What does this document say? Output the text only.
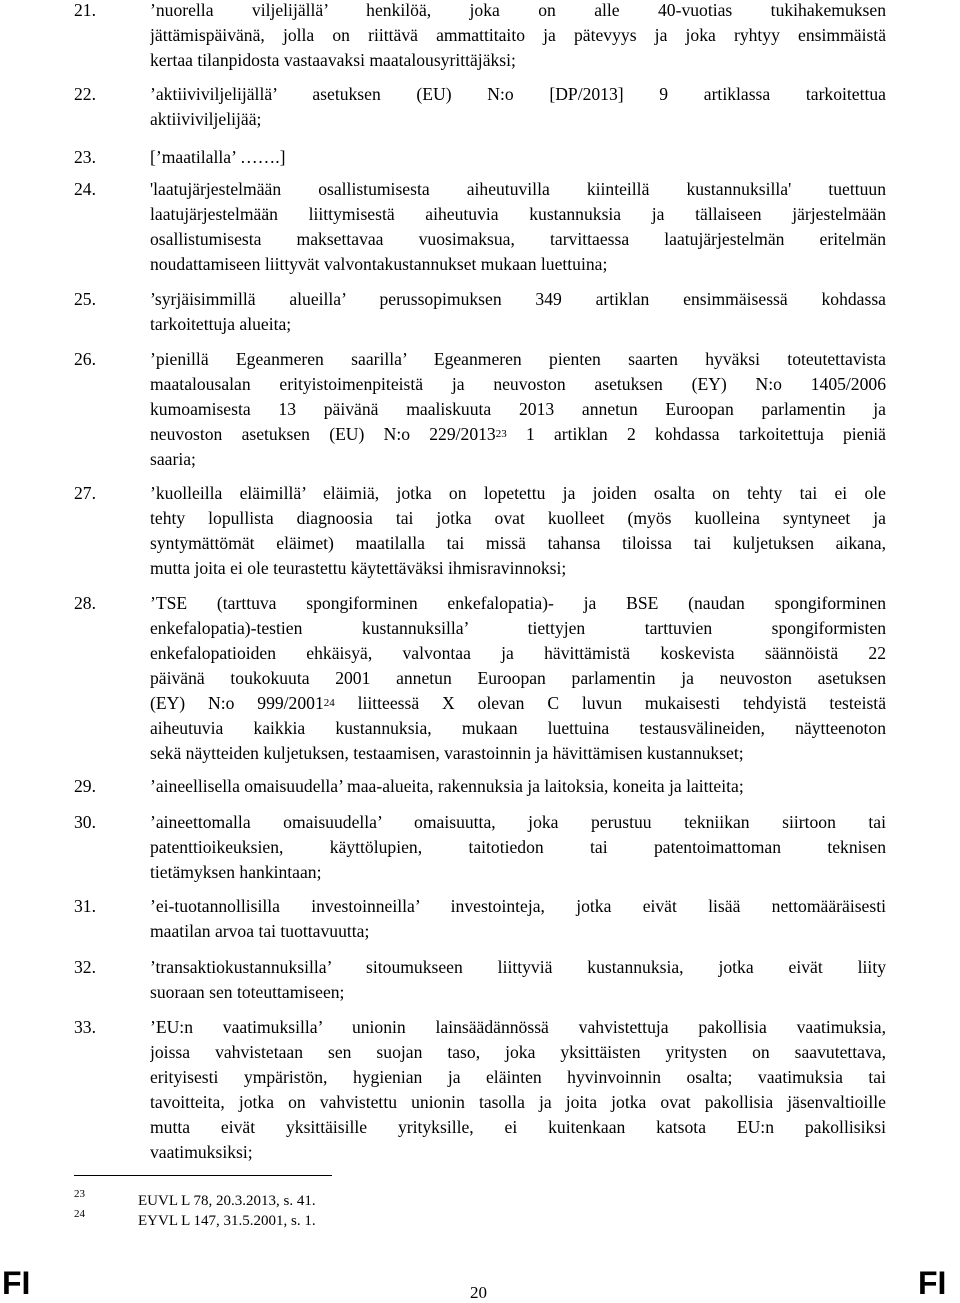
21.	’nuorella viljelijällä’ henkilöä, joka on alle 40-vuotias tukihakemuksen
jättämispäivänä, jolla on riittävä ammattitaito ja pätevyys ja joka ryhtyy ensimmäistä
kertaa tilanpidosta vastaavaksi maatalousyrittäjäksi;
22.	’aktiiviviljelijällä’ asetuksen (EU) N:o [DP/2013] 9 artiklassa tarkoitettua
aktiiviviljelijää;
23.	[’maatilalla’ …….]
24.	'laatujärjestelmään osallistumisesta aiheutuvilla kiinteillä kustannuksilla' tuettuun
laatujärjestelmään liittymisestä aiheutuvia kustannuksia ja tällaiseen järjestelmään
osallistumisesta maksettavaa vuosimaksua, tarvittaessa laatujärjestelmän eritelmän
noudattamiseen liittyvät valvontakustannukset mukaan luettuina;
25.	’syrjäisimmillä alueilla’ perussopimuksen 349 artiklan ensimmäisessä kohdassa
tarkoitettuja alueita;
26.	’pienillä Egeanmeren saarilla’ Egeanmeren pienten saarten hyväksi toteutettavista
maatalousalan erityistoimenpiteistä ja neuvoston asetuksen (EY) N:o 1405/2006
kumoamisesta 13 päivänä maaliskuuta 2013 annetun Euroopan parlamentin ja
neuvoston asetuksen (EU) N:o 229/2013$^{23}$ 1 artiklan 2 kohdassa tarkoitettuja pieniä
saaria;
27.	’kuolleilla eläimillä’ eläimiä, jotka on lopetettu ja joiden osalta on tehty tai ei ole
tehty lopullista diagnoosia tai jotka ovat kuolleet (myös kuolleina syntyneet ja
syntymättömät eläimet) maatilalla tai missä tahansa tiloissa tai kuljetuksen aikana,
mutta joita ei ole teurastettu käytettäväksi ihmisravinnoksi;
28.	’TSE (tarttuva spongiforminen enkefalopatia)- ja BSE (naudan spongiforminen
enkefalopatia)-testien kustannuksilla’ tiettyjen tarttuvien spongiformisten
enkefalopatioiden ehkäisyä, valvontaa ja hävittämistä koskevista säännöistä 22
päivänä toukokuuta 2001 annetun Euroopan parlamentin ja neuvoston asetuksen
(EY) N:o 999/2001$^{24}$ liitteessä X olevan C luvun mukaisesti tehdyistä testeistä
aiheutuvia kaikkia kustannuksia, mukaan luettuina testausvälineiden, näytteenoton
sekä näytteiden kuljetuksen, testaamisen, varastoinnin ja hävittämisen kustannukset;
29.	’aineellisella omaisuudella’ maa-alueita, rakennuksia ja laitoksia, koneita ja laitteita;
30.	’aineettomalla omaisuudella’ omaisuutta, joka perustuu tekniikan siirtoon tai
patenttioikeuksien, käyttölupien, taitotiedon tai patentoimattoman teknisen
tietämyksen hankintaan;
31.	’ei-tuotannollisilla investoinneilla’ investointeja, jotka eivät lisää nettomääräisesti
maatilan arvoa tai tuottavuutta;
32.	’transaktiokustannuksilla’ sitoumukseen liittyviä kustannuksia, jotka eivät liity
suoraan sen toteuttamiseen;
33.	’EU:n vaatimuksilla’ unionin lainsäädännössä vahvistettuja pakollisia vaatimuksia,
joissa vahvistetaan sen suojan taso, joka yksittäisten yritysten on saavutettava,
erityisesti ympäristön, hygienian ja eläinten hyvinvoinnin osalta; vaatimuksia tai
tavoitteita, jotka on vahvistettu unionin tasolla ja joita jotka ovat pakollisia jäsenvaltioille
mutta eivät yksittäisille yrityksille, ei kuitenkaan katsota EU:n pakollisiksi
vaatimuksiksi;
23	EUVL L 78, 20.3.2013, s. 41.
24	EYVL L 147, 31.5.2001, s. 1.
FI	20	FI
